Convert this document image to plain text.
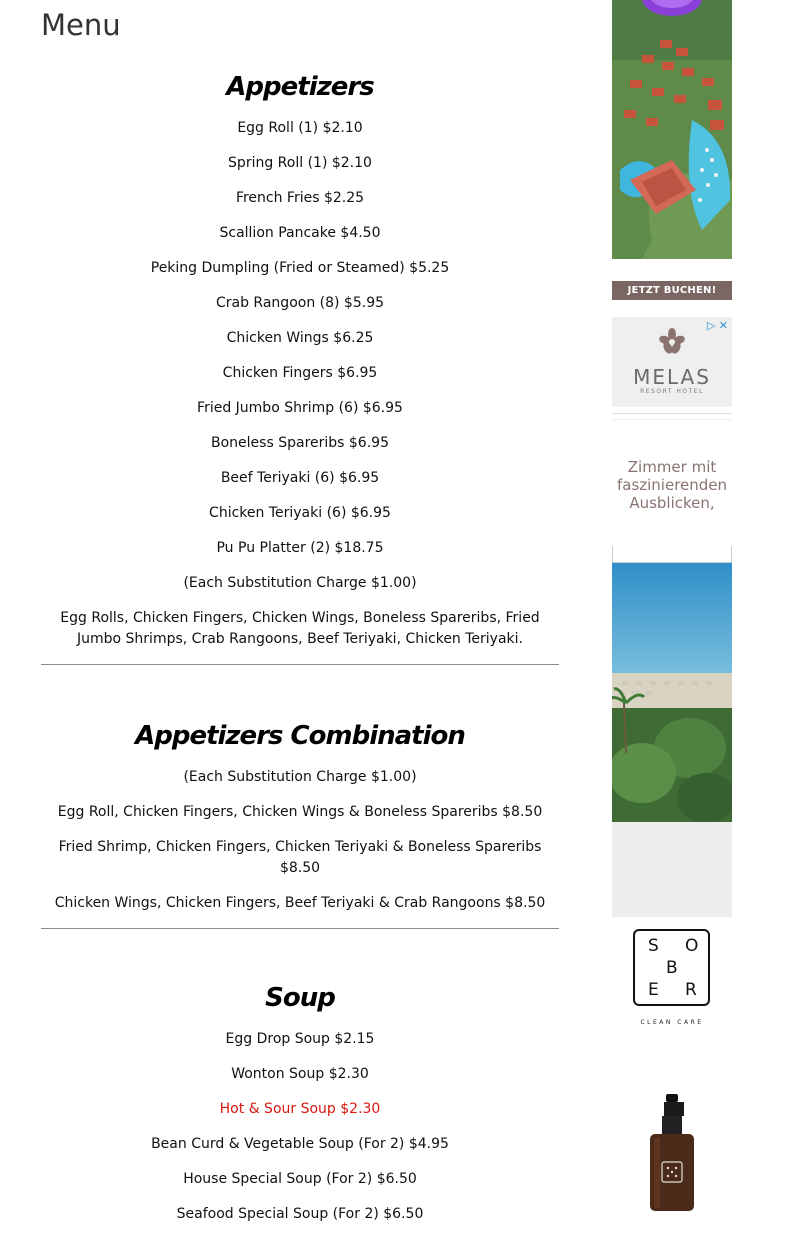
Menu
Appetizers

Egg Roll (1) $2.10

Spring Roll (1) $2.10

French Fries $2.25

Scallion Pancake $4.50

Peking Dumpling (Fried or Steamed) $5.25

Crab Rangoon (8) $5.95

Chicken Wings $6.25

Chicken Fingers $6.95

Fried Jumbo Shrimp (6) $6.95

Boneless Spareribs $6.95

Beef Teriyaki (6) $6.95

Chicken Teriyaki (6) $6.95

Pu Pu Platter (2) $18.75

(Each Substitution Charge $1.00)

Egg Rolls, Chicken Fingers, Chicken Wings, Boneless Spareribs, Fried Jumbo Shrimps, Crab Rangoons, Beef Teriyaki, Chicken Teriyaki.

Appetizers Combination

(Each Substitution Charge $1.00)

Egg Roll, Chicken Fingers, Chicken Wings & Boneless Spareribs $8.50

Fried Shrimp, Chicken Fingers, Chicken Teriyaki & Boneless Spareribs $8.50

Chicken Wings, Chicken Fingers, Beef Teriyaki & Crab Rangoons $8.50

Soup

Egg Drop Soup $2.15

Wonton Soup $2.30

Hot & Sour Soup $2.30

Bean Curd & Vegetable Soup (For 2) $4.95

House Special Soup (For 2) $6.50

Seafood Special Soup (For 2) $6.50

JETZT BUCHEN!
▷ ✕
MELAS
RESORT HOTEL
Zimmer mit faszinierenden Ausblicken,
S O
B
E R
CLEAN CARE
